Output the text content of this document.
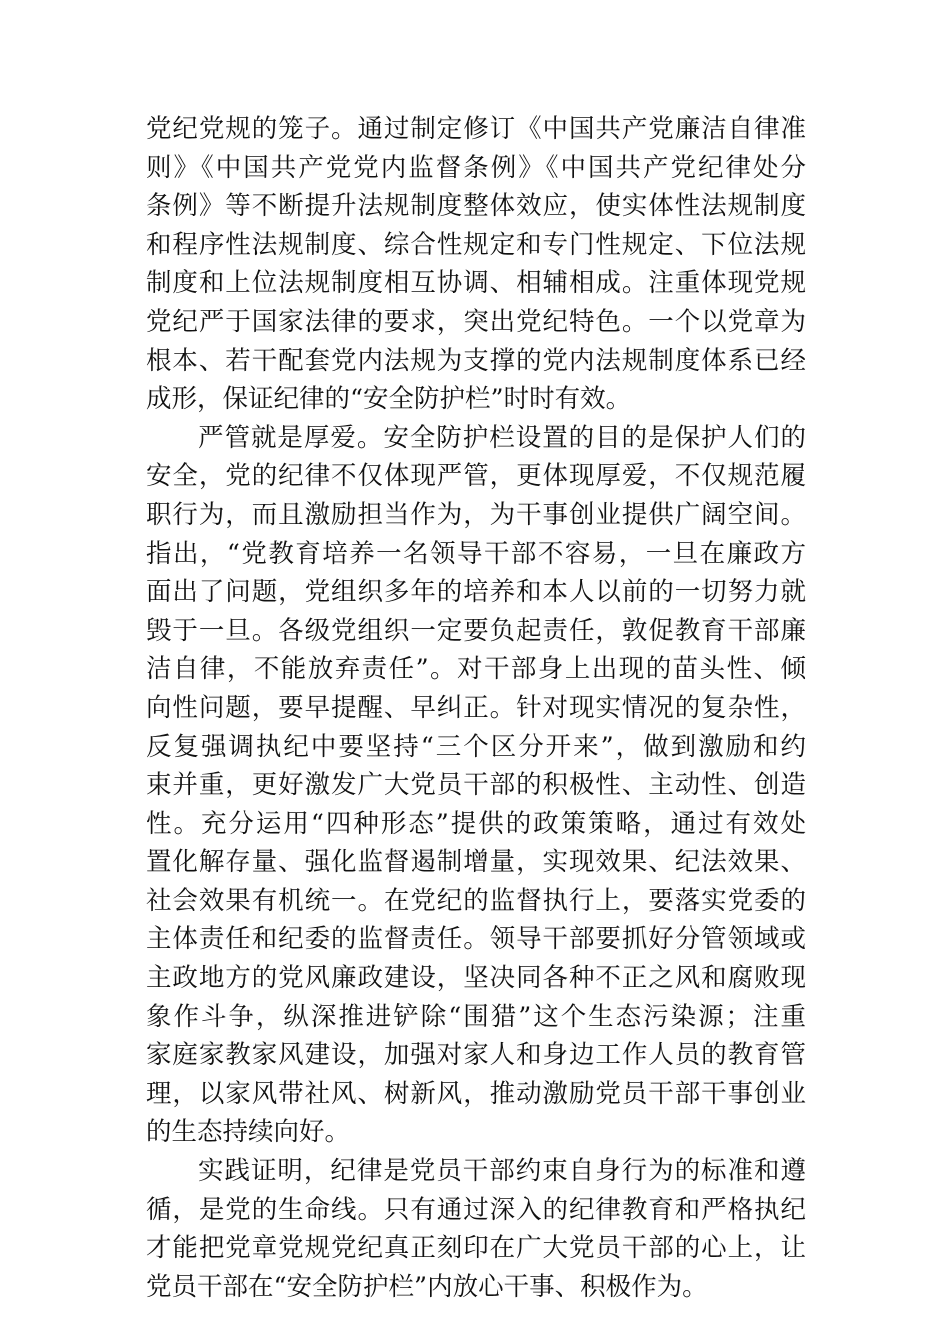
党纪党规的笼子。通过制定修订《中国共产党廉洁自律准
则》《中国共产党党内监督条例》《中国共产党纪律处分
条例》等不断提升法规制度整体效应，使实体性法规制度
和程序性法规制度、综合性规定和专门性规定、下位法规
制度和上位法规制度相互协调、相辅相成。注重体现党规
党纪严于国家法律的要求，突出党纪特色。一个以党章为
根本、若干配套党内法规为支撑的党内法规制度体系已经
成形，保证纪律的“安全防护栏”时时有效。
严管就是厚爱。安全防护栏设置的目的是保护人们的
安全，党的纪律不仅体现严管，更体现厚爱，不仅规范履
职行为，而且激励担当作为，为干事创业提供广阔空间。
指出，“党教育培养一名领导干部不容易，一旦在廉政方
面出了问题，党组织多年的培养和本人以前的一切努力就
毁于一旦。各级党组织一定要负起责任，敦促教育干部廉
洁自律，不能放弃责任”。对干部身上出现的苗头性、倾
向性问题，要早提醒、早纠正。针对现实情况的复杂性，
反复强调执纪中要坚持“三个区分开来”，做到激励和约
束并重，更好激发广大党员干部的积极性、主动性、创造
性。充分运用“四种形态”提供的政策策略，通过有效处
置化解存量、强化监督遏制增量，实现效果、纪法效果、
社会效果有机统一。在党纪的监督执行上，要落实党委的
主体责任和纪委的监督责任。领导干部要抓好分管领域或
主政地方的党风廉政建设，坚决同各种不正之风和腐败现
象作斗争，纵深推进铲除“围猎”这个生态污染源；注重
家庭家教家风建设，加强对家人和身边工作人员的教育管
理，以家风带社风、树新风，推动激励党员干部干事创业
的生态持续向好。
实践证明，纪律是党员干部约束自身行为的标准和遵
循，是党的生命线。只有通过深入的纪律教育和严格执纪
才能把党章党规党纪真正刻印在广大党员干部的心上，让
党员干部在“安全防护栏”内放心干事、积极作为。
